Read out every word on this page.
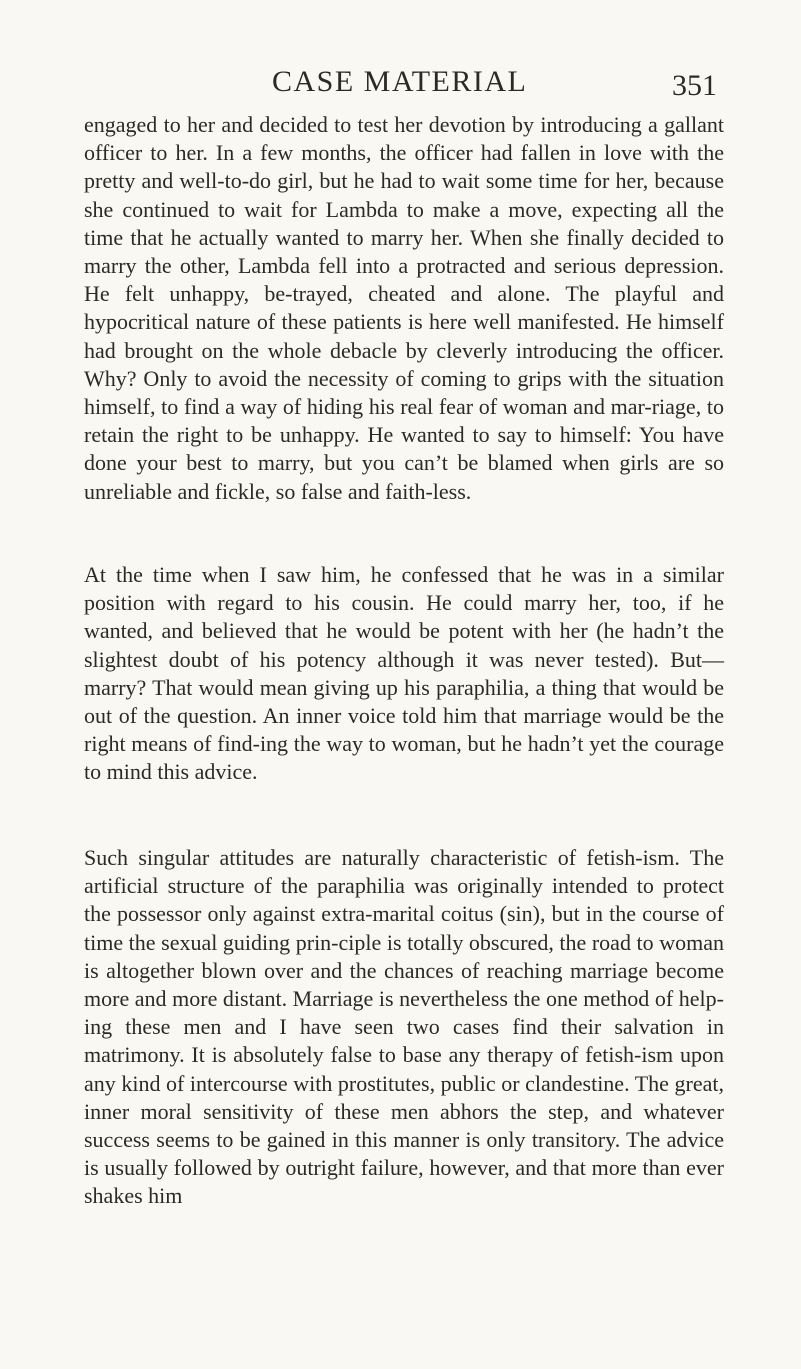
CASE MATERIAL	351

engaged to her and decided to test her devotion by introducing a gallant officer to her. In a few months, the officer had fallen in love with the pretty and well-to-do girl, but he had to wait some time for her, because she continued to wait for Lambda to make a move, expecting all the time that he actually wanted to marry her. When she finally decided to marry the other, Lambda fell into a protracted and serious depression. He felt unhappy, be-trayed, cheated and alone. The playful and hypocritical nature of these patients is here well manifested. He himself had brought on the whole debacle by cleverly introducing the officer. Why? Only to avoid the necessity of coming to grips with the situation himself, to find a way of hiding his real fear of woman and mar-riage, to retain the right to be unhappy. He wanted to say to himself: You have done your best to marry, but you can’t be blamed when girls are so unreliable and fickle, so false and faith-less.

At the time when I saw him, he confessed that he was in a similar position with regard to his cousin. He could marry her, too, if he wanted, and believed that he would be potent with her (he hadn’t the slightest doubt of his potency although it was never tested). But—marry? That would mean giving up his paraphilia, a thing that would be out of the question. An inner voice told him that marriage would be the right means of find-ing the way to woman, but he hadn’t yet the courage to mind this advice.

Such singular attitudes are naturally characteristic of fetish-ism. The artificial structure of the paraphilia was originally intended to protect the possessor only against extra-marital coitus (sin), but in the course of time the sexual guiding prin-ciple is totally obscured, the road to woman is altogether blown over and the chances of reaching marriage become more and more distant. Marriage is nevertheless the one method of help-ing these men and I have seen two cases find their salvation in matrimony. It is absolutely false to base any therapy of fetish-ism upon any kind of intercourse with prostitutes, public or clandestine. The great, inner moral sensitivity of these men abhors the step, and whatever success seems to be gained in this manner is only transitory. The advice is usually followed by outright failure, however, and that more than ever shakes him
